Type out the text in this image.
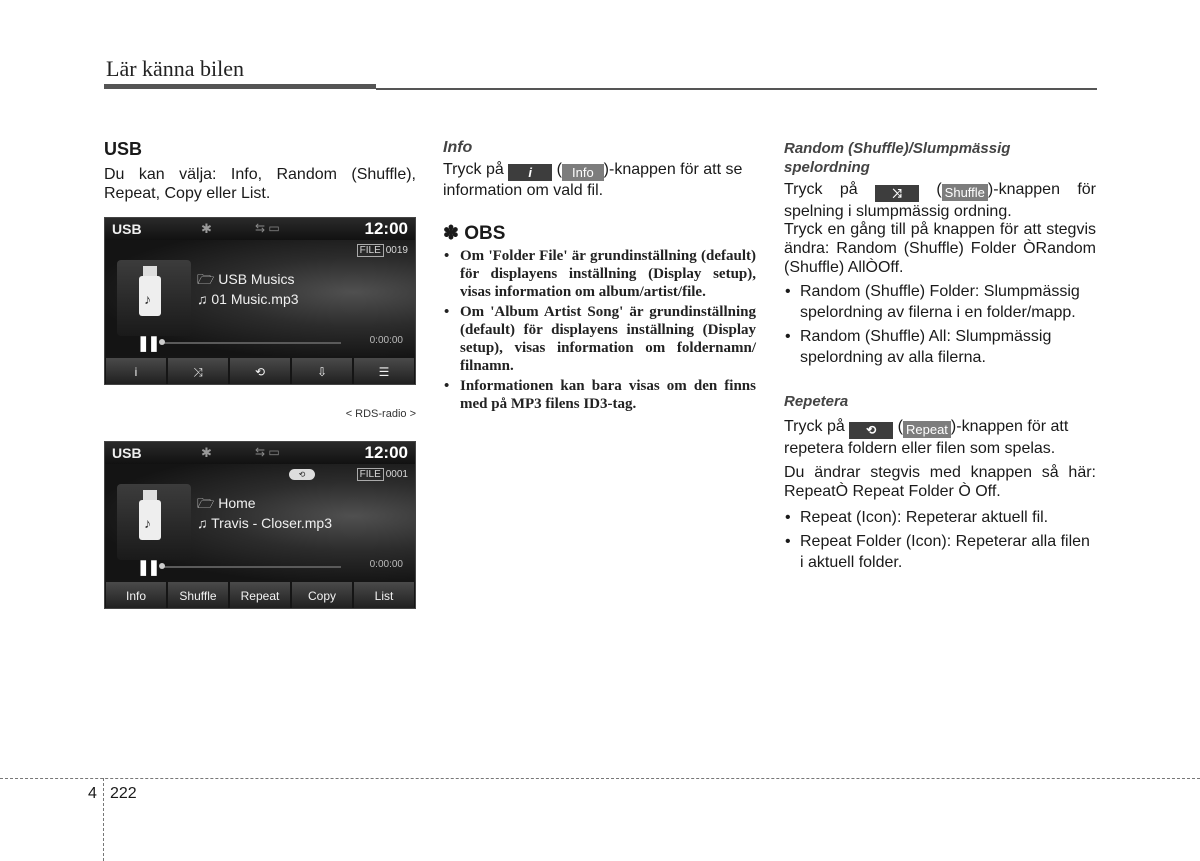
Lär känna bilen
USB
Du kan välja: Info, Random (Shuffle), Repeat, Copy eller List.
USB	✱	⇆ ▭	12:00
FILE 0019
♪
🗁 USB Musics
♫ 01 Music.mp3
❚❚	0:00:00
i	⤨	⟲	⇩	☰
< RDS-radio >
USB	✱	⇆ ▭	12:00
⟲	FILE 0001
♪
🗁 Home
♫ Travis - Closer.mp3
❚❚	0:00:00
Info	Shuffle	Repeat	Copy	List
Info
Tryck på i ( Info )-knappen för att se information om vald fil.
✽ OBS
• Om 'Folder File' är grundinställning (default) för displayens inställning (Display setup), visas information om album/artist/file.
• Om 'Album Artist Song' är grundinställning (default) för displayens inställning (Display setup), visas information om foldernamn/ filnamn.
• Informationen kan bara visas om den finns med på MP3 filens ID3-tag.
Random (Shuffle)/Slumpmässig spelordning
Tryck på ⤨ ( Shuffle )-knappen för spelning i slumpmässig ordning.
Tryck en gång till på knappen för att stegvis ändra: Random (Shuffle) Folder ÒRandom (Shuffle) AllÒOff.
• Random (Shuffle) Folder: Slumpmässig spelordning av filerna i en folder/mapp.
• Random (Shuffle) All: Slumpmässig spelordning av alla filerna.
Repetera
Tryck på ⟲ ( Repeat )-knappen för att repetera foldern eller filen som spelas.
Du ändrar stegvis med knappen så här: RepeatÒ Repeat Folder Ò Off.
• Repeat (Icon): Repeterar aktuell fil.
• Repeat Folder (Icon): Repeterar alla filen i aktuell folder.
4 222
